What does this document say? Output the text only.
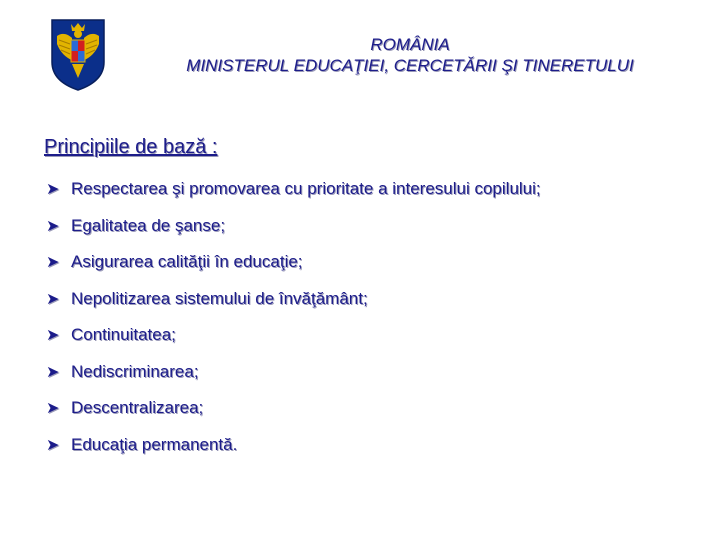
ROMÂNIA
MINISTERUL EDUCAŢIEI, CERCETĂRII ŞI TINERETULUI
Principiile de bază :
➤ Respectarea şi promovarea cu prioritate a interesului copilului;
➤ Egalitatea de şanse;
➤ Asigurarea calităţii în educaţie;
➤ Nepolitizarea sistemului de învăţământ;
➤ Continuitatea;
➤ Nediscriminarea;
➤ Descentralizarea;
➤ Educaţia permanentă.
